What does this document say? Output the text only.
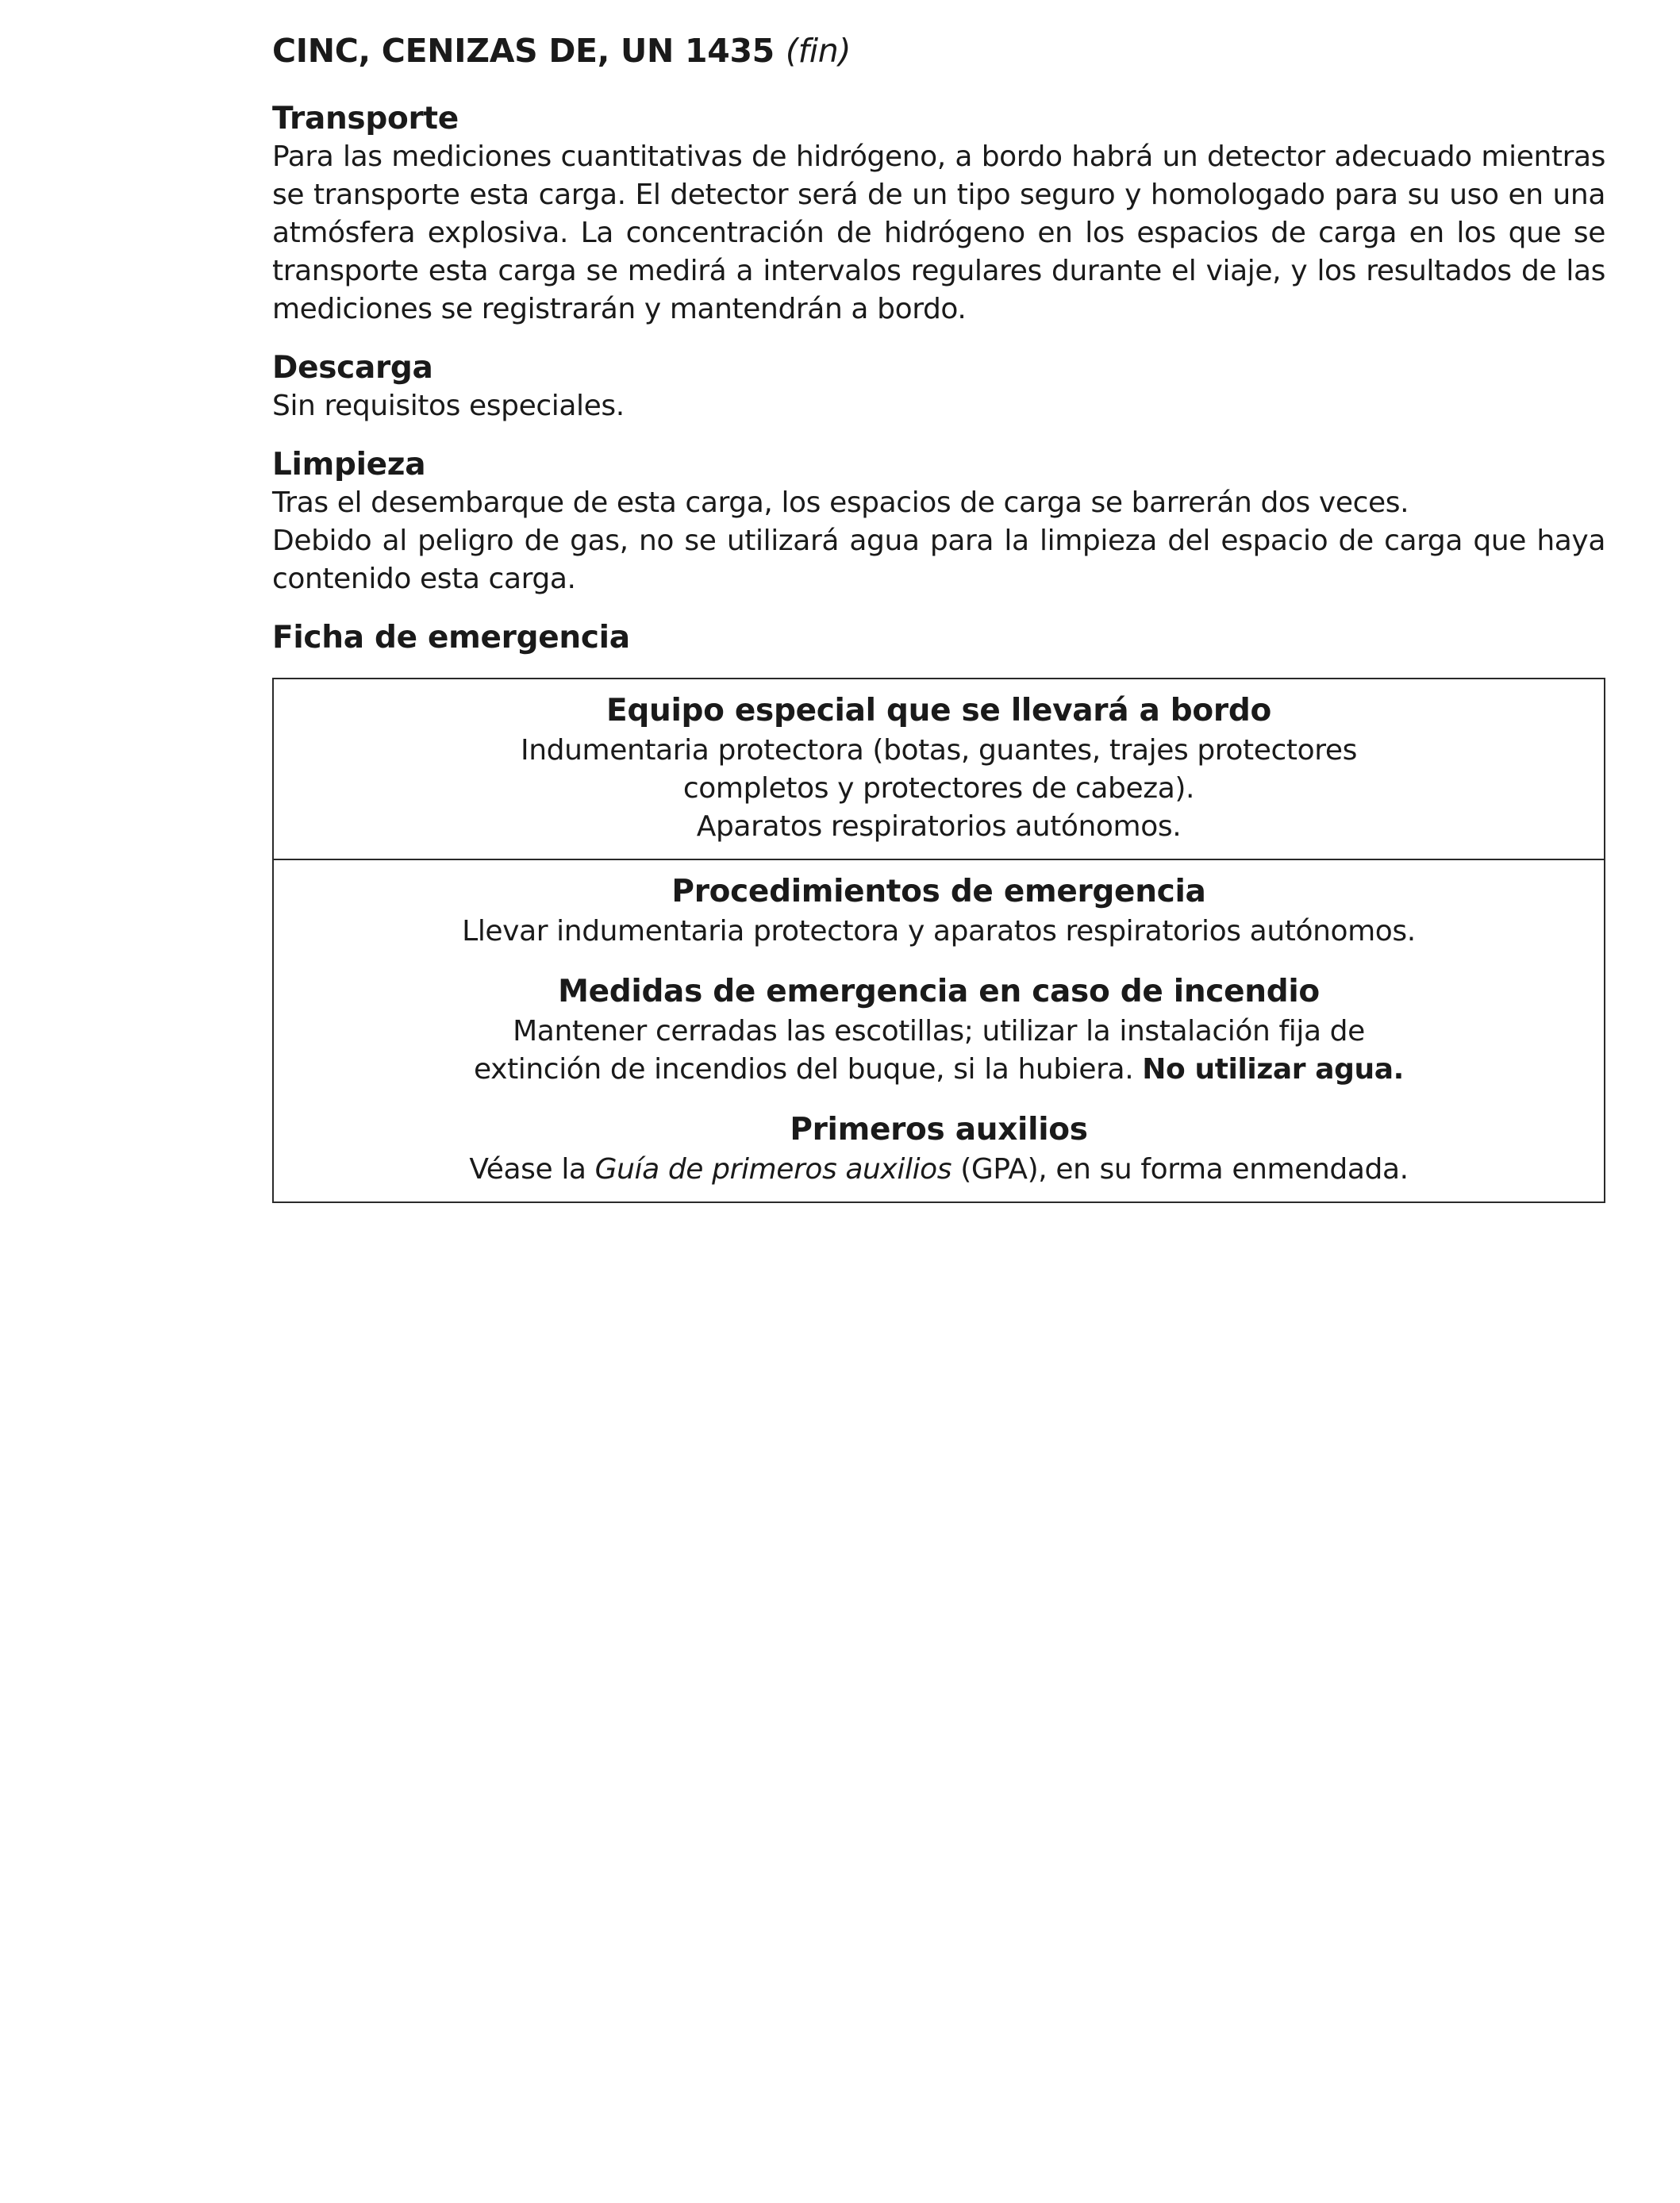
CINC, CENIZAS DE, UN 1435 (fin)
Transporte

Para las mediciones cuantitativas de hidrógeno, a bordo habrá un detector adecuado mientras se transporte esta carga. El detector será de un tipo seguro y homologado para su uso en una atmósfera explosiva. La concentración de hidrógeno en los espacios de carga en los que se transporte esta carga se medirá a intervalos regulares durante el viaje, y los resultados de las mediciones se registrarán y mantendrán a bordo.

Descarga

Sin requisitos especiales.

Limpieza

Tras el desembarque de esta carga, los espacios de carga se barrerán dos veces.

Debido al peligro de gas, no se utilizará agua para la limpieza del espacio de carga que haya contenido esta carga.

Ficha de emergencia
Equipo especial que se llevará a bordo

Indumentaria protectora (botas, guantes, trajes protectores completos y protectores de cabeza).

Aparatos respiratorios autónomos.

Procedimientos de emergencia

Llevar indumentaria protectora y aparatos respiratorios autónomos.

Medidas de emergencia en caso de incendio

Mantener cerradas las escotillas; utilizar la instalación fija de extinción de incendios del buque, si la hubiera. No utilizar agua.

Primeros auxilios

Véase la Guía de primeros auxilios (GPA), en su forma enmendada.
